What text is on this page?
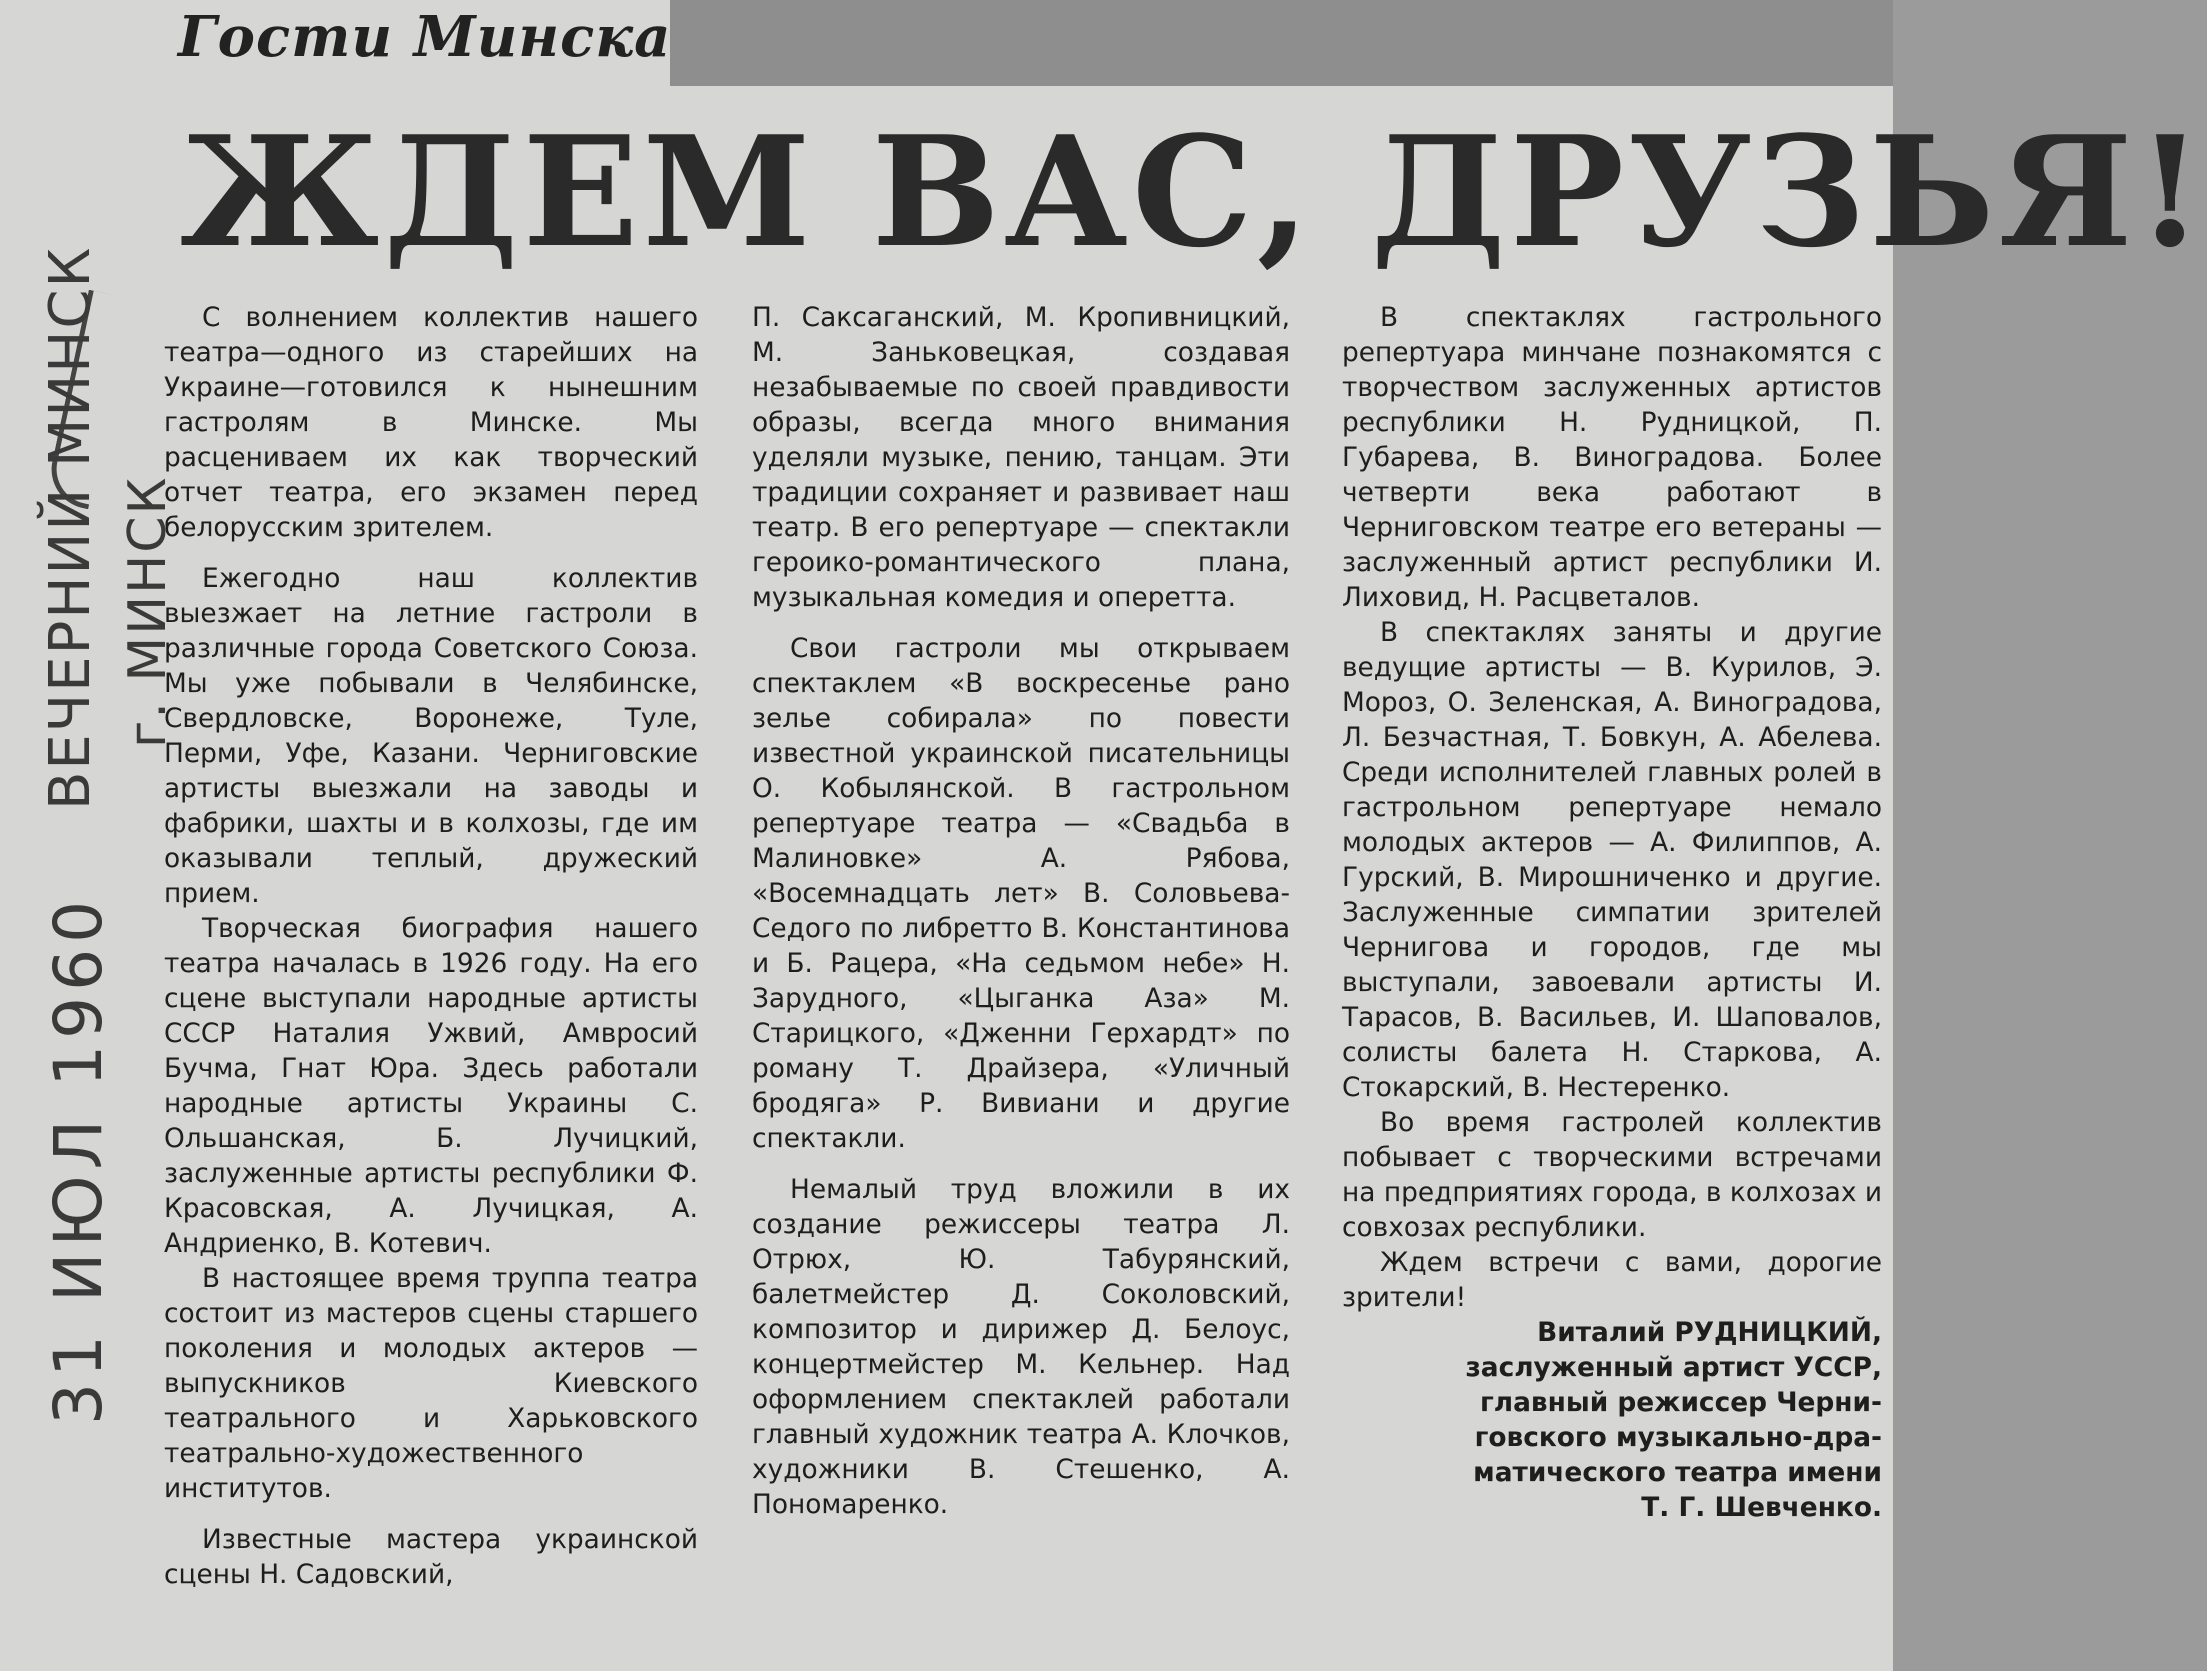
Гости Минска
ЖДЕМ ВАС, ДРУЗЬЯ!
ВЕЧЕРНИЙ МИНСК г. МИНСК
31 ИЮЛ 1960

С волнением коллектив нашего театра—одного из старейших на Украине—готовился к нынешним гастролям в Минске. Мы расцениваем их как творческий отчет театра, его экзамен перед белорусским зрителем.

Ежегодно наш коллектив выезжает на летние гастроли в различные города Советского Союза. Мы уже побывали в Челябинске, Свердловске, Воронеже, Туле, Перми, Уфе, Казани. Черниговские артисты выезжали на заводы и фабрики, шахты и в колхозы, где им оказывали теплый, дружеский прием.

Творческая биография нашего театра началась в 1926 году. На его сцене выступали народные артисты СССР Наталия Ужвий, Амвросий Бучма, Гнат Юра. Здесь работали народные артисты Украины С. Ольшанская, Б. Лучицкий, заслуженные артисты республики Ф. Красовская, А. Лучицкая, А. Андриенко, В. Котевич.

В настоящее время труппа театра состоит из мастеров сцены старшего поколения и молодых актеров — выпускников Киевского театрального и Харьковского театрально-художественного институтов.

Известные мастера украинской сцены Н. Садовский,

П. Саксаганский, М. Кропивницкий, М. Заньковецкая, создавая незабываемые по своей правдивости образы, всегда много внимания уделяли музыке, пению, танцам. Эти традиции сохраняет и развивает наш театр. В его репертуаре — спектакли героико-романтического плана, музыкальная комедия и оперетта.

Свои гастроли мы открываем спектаклем «В воскресенье рано зелье собирала» по повести известной украинской писательницы О. Кобылянской. В гастрольном репертуаре театра — «Свадьба в Малиновке» А. Рябова, «Восемнадцать лет» В. Соловьева-Седого по либретто В. Константинова и Б. Рацера, «На седьмом небе» Н. Зарудного, «Цыганка Аза» М. Старицкого, «Дженни Герхардт» по роману Т. Драйзера, «Уличный бродяга» Р. Вивиани и другие спектакли.

Немалый труд вложили в их создание режиссеры театра Л. Отрюх, Ю. Табурянский, балетмейстер Д. Соколовский, композитор и дирижер Д. Белоус, концертмейстер М. Кельнер. Над оформлением спектаклей работали главный художник театра А. Клочков, художники В. Стешенко, А. Пономаренко.

В спектаклях гастрольного репертуара минчане познакомятся с творчеством заслуженных артистов республики Н. Рудницкой, П. Губарева, В. Виноградова. Более четверти века работают в Черниговском театре его ветераны — заслуженный артист республики И. Лиховид, Н. Расцветалов.

В спектаклях заняты и другие ведущие артисты — В. Курилов, Э. Мороз, О. Зеленская, А. Виноградова, Л. Безчастная, Т. Бовкун, А. Абелева. Среди исполнителей главных ролей в гастрольном репертуаре немало молодых актеров — А. Филиппов, А. Гурский, В. Мирошниченко и другие. Заслуженные симпатии зрителей Чернигова и городов, где мы выступали, завоевали артисты И. Тарасов, В. Васильев, И. Шаповалов, солисты балета Н. Старкова, А. Стокарский, В. Нестеренко.

Во время гастролей коллектив побывает с творческими встречами на предприятиях города, в колхозах и совхозах республики.

Ждем встречи с вами, дорогие зрители!

Виталий РУДНИЦКИЙ,

заслуженный артист УССР,

главный режиссер Черни-

говского музыкально-дра-

матического театра имени

Т. Г. Шевченко.
